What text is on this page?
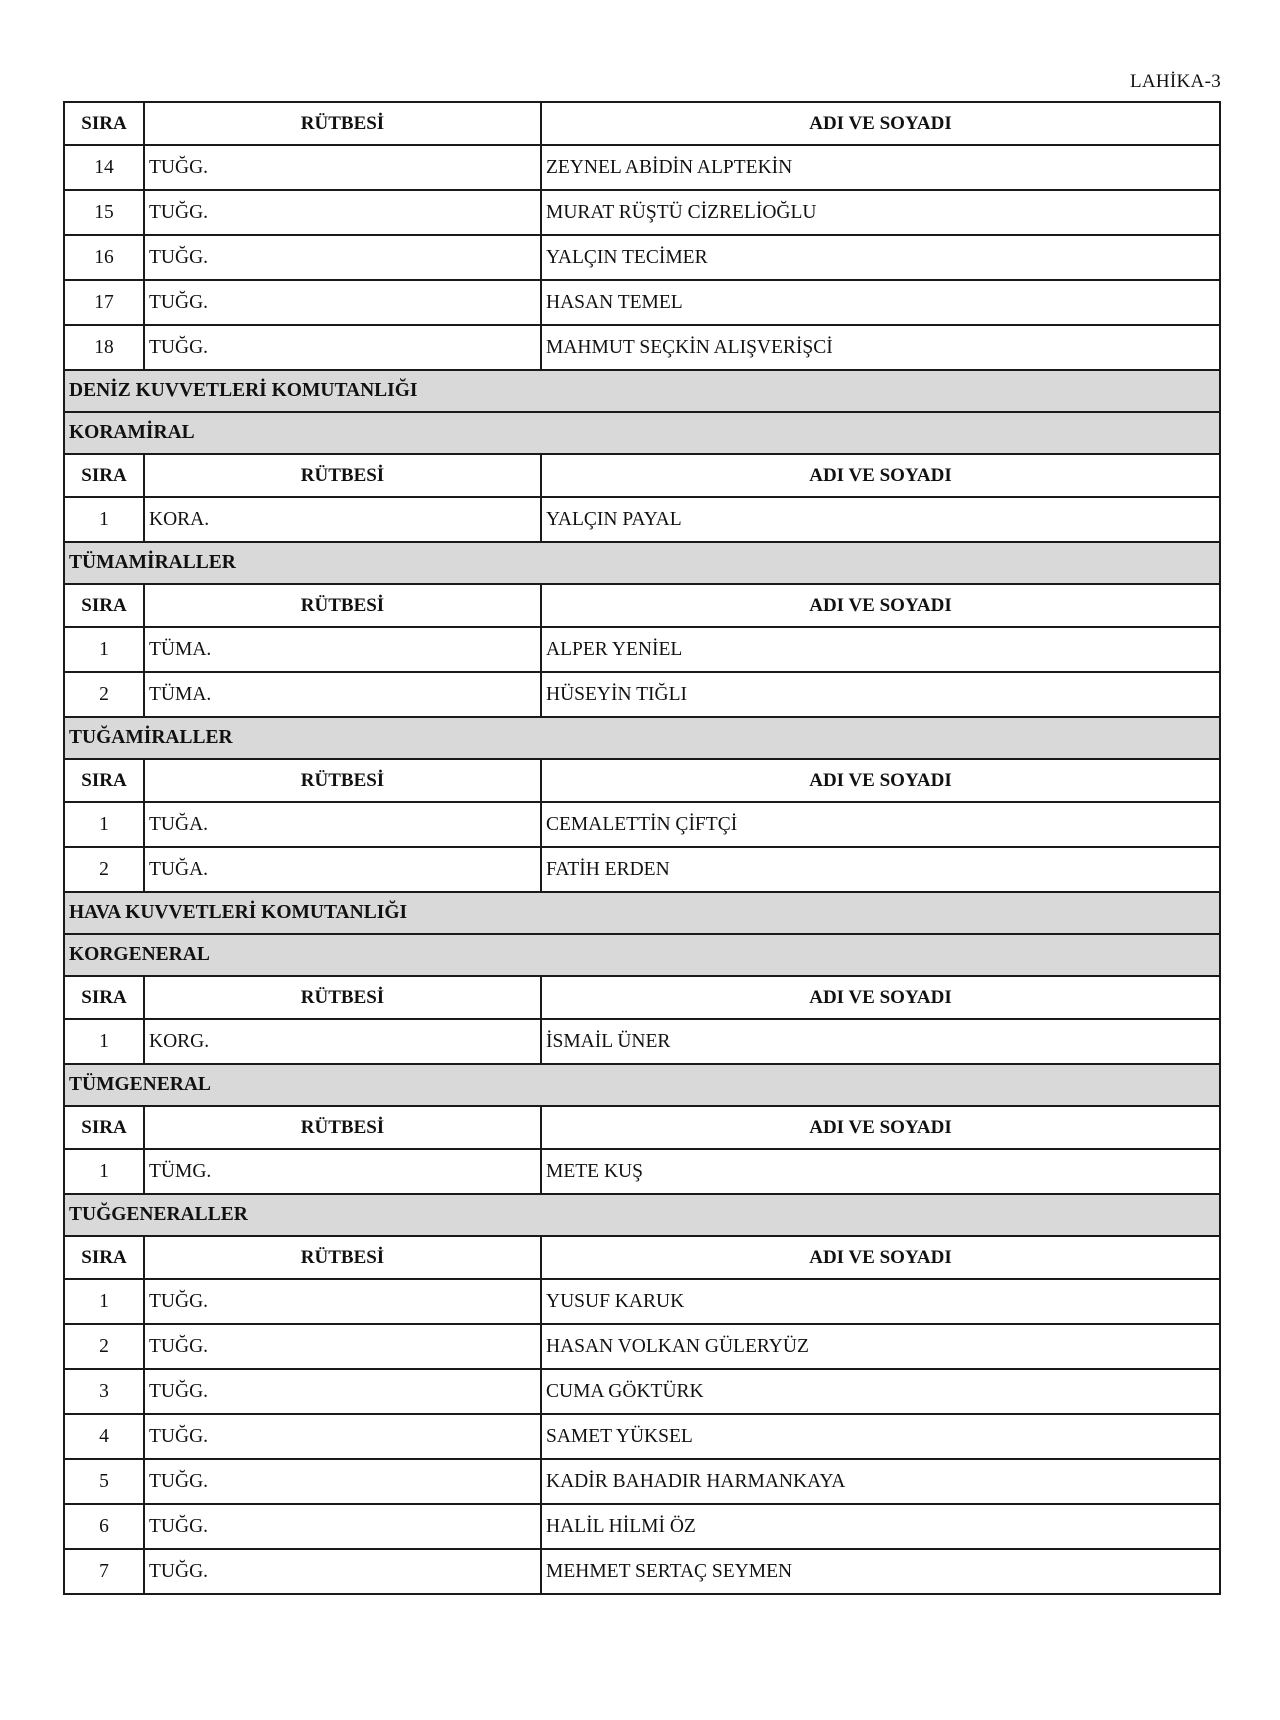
LAHİKA-3
SIRA	RÜTBESİ	ADI VE SOYADI
14	TUĞG.	ZEYNEL ABİDİN ALPTEKİN
15	TUĞG.	MURAT RÜŞTÜ CİZRELİOĞLU
16	TUĞG.	YALÇIN TECİMER
17	TUĞG.	HASAN TEMEL
18	TUĞG.	MAHMUT SEÇKİN ALIŞVERİŞCİ
DENİZ KUVVETLERİ KOMUTANLIĞI		
KORAMİRAL		
SIRA	RÜTBESİ	ADI VE SOYADI
1	KORA.	YALÇIN PAYAL
TÜMAMİRALLER		
SIRA	RÜTBESİ	ADI VE SOYADI
1	TÜMA.	ALPER YENİEL
2	TÜMA.	HÜSEYİN TIĞLI
TUĞAMİRALLER		
SIRA	RÜTBESİ	ADI VE SOYADI
1	TUĞA.	CEMALETTİN ÇİFTÇİ
2	TUĞA.	FATİH ERDEN
HAVA KUVVETLERİ KOMUTANLIĞI		
KORGENERAL		
SIRA	RÜTBESİ	ADI VE SOYADI
1	KORG.	İSMAİL ÜNER
TÜMGENERAL		
SIRA	RÜTBESİ	ADI VE SOYADI
1	TÜMG.	METE KUŞ
TUĞGENERALLER		
SIRA	RÜTBESİ	ADI VE SOYADI
1	TUĞG.	YUSUF KARUK
2	TUĞG.	HASAN VOLKAN GÜLERYÜZ
3	TUĞG.	CUMA GÖKTÜRK
4	TUĞG.	SAMET YÜKSEL
5	TUĞG.	KADİR BAHADIR HARMANKAYA
6	TUĞG.	HALİL HİLMİ ÖZ
7	TUĞG.	MEHMET SERTAÇ SEYMEN
